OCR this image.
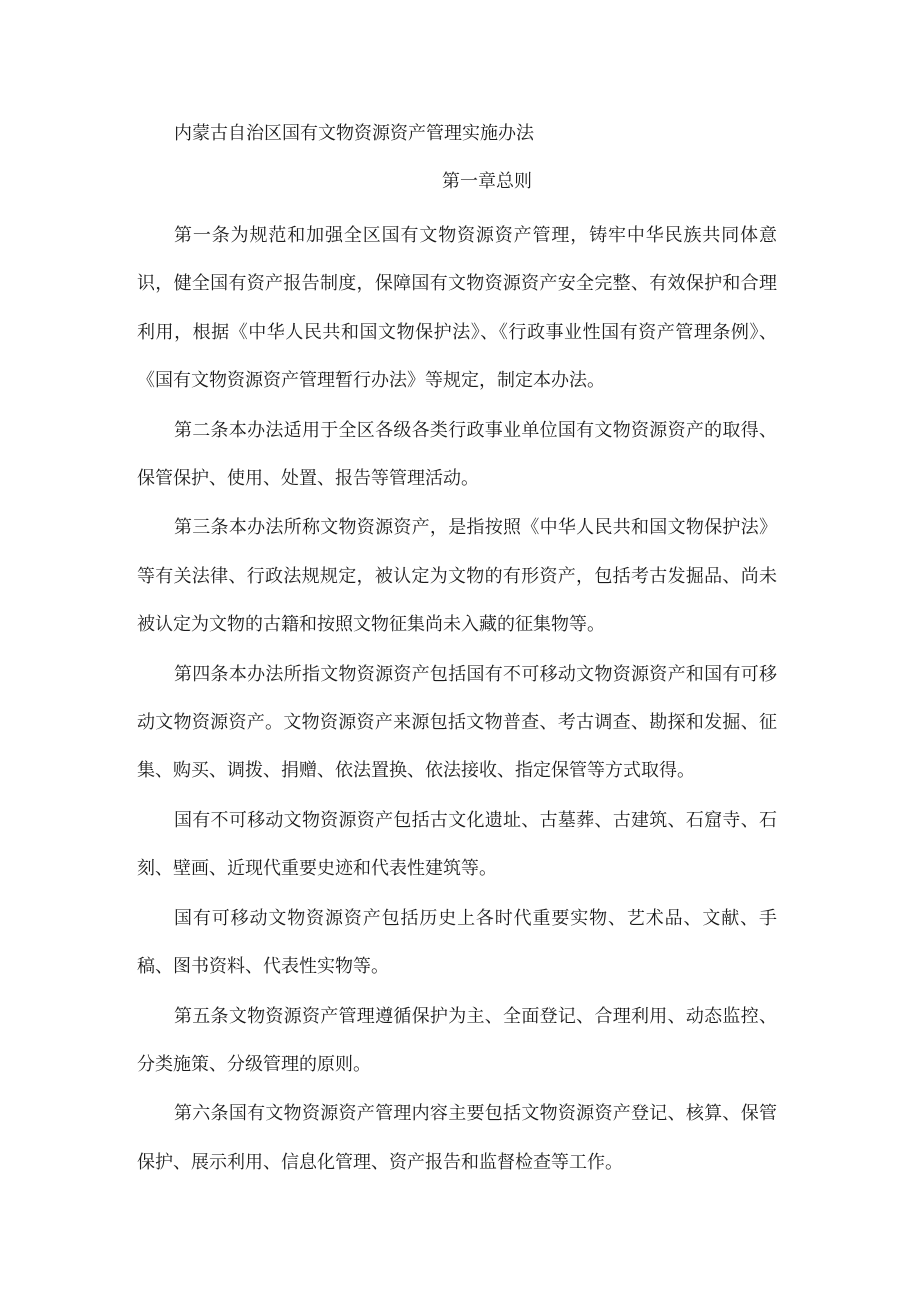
内蒙古自治区国有文物资源资产管理实施办法
第一章总则

第一条为规范和加强全区国有文物资源资产管理，铸牢中华民族共同体意识，健全国有资产报告制度，保障国有文物资源资产安全完整、有效保护和合理利用，根据《中华人民共和国文物保护法》、《行政事业性国有资产管理条例》、《国有文物资源资产管理暂行办法》等规定，制定本办法。

第二条本办法适用于全区各级各类行政事业单位国有文物资源资产的取得、保管保护、使用、处置、报告等管理活动。

第三条本办法所称文物资源资产，是指按照《中华人民共和国文物保护法》等有关法律、行政法规规定，被认定为文物的有形资产，包括考古发掘品、尚未被认定为文物的古籍和按照文物征集尚未入藏的征集物等。

第四条本办法所指文物资源资产包括国有不可移动文物资源资产和国有可移动文物资源资产。文物资源资产来源包括文物普查、考古调查、勘探和发掘、征集、购买、调拨、捐赠、依法置换、依法接收、指定保管等方式取得。

国有不可移动文物资源资产包括古文化遗址、古墓葬、古建筑、石窟寺、石刻、壁画、近现代重要史迹和代表性建筑等。

国有可移动文物资源资产包括历史上各时代重要实物、艺术品、文献、手稿、图书资料、代表性实物等。

第五条文物资源资产管理遵循保护为主、全面登记、合理利用、动态监控、分类施策、分级管理的原则。

第六条国有文物资源资产管理内容主要包括文物资源资产登记、核算、保管保护、展示利用、信息化管理、资产报告和监督检查等工作。
